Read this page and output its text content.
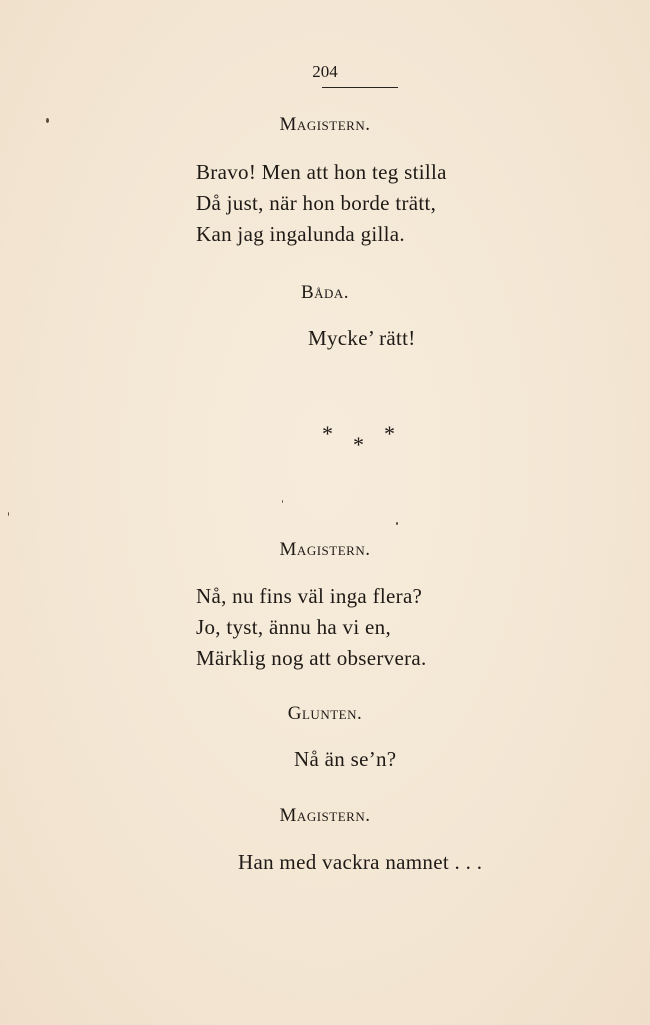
204
Magistern.
Bravo! Men att hon teg stilla
Då just, när hon borde trätt,
Kan jag ingalunda gilla.
Båda.
Mycke’ rätt!
* *
*
Magistern.
Nå, nu fins väl inga flera?
Jo, tyst, ännu ha vi en,
Märklig nog att observera.
Glunten.
Nå än se’n?
Magistern.
Han med vackra namnet . . .
